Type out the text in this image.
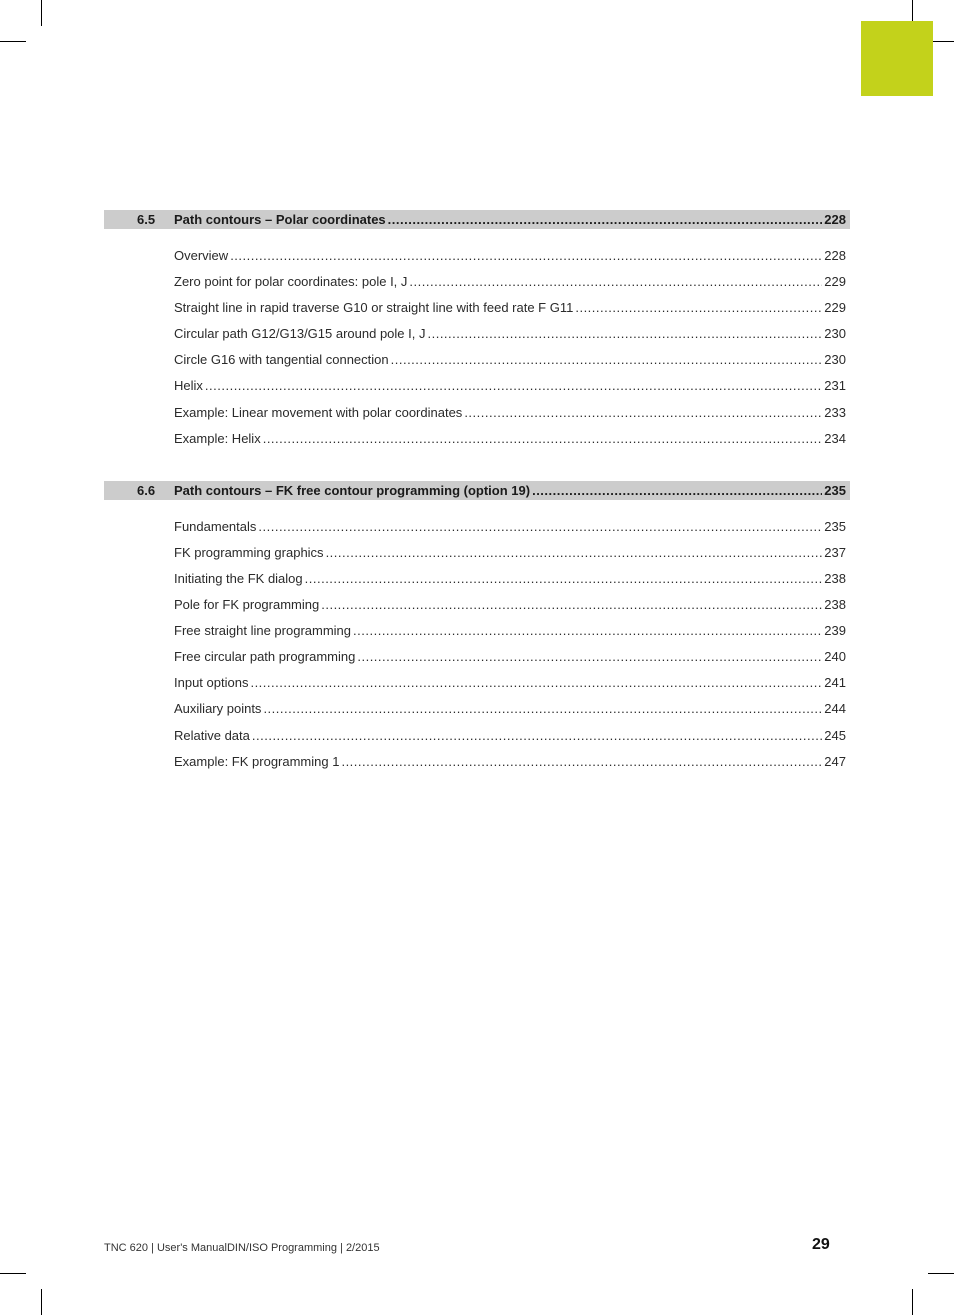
6.5	Path contours – Polar coordinates .....	228
Overview .....	228
Zero point for polar coordinates: pole I, J .....	229
Straight line in rapid traverse G10 or straight line with feed rate F G11 .....	229
Circular path G12/G13/G15 around pole I, J .....	230
Circle G16 with tangential connection .....	230
Helix .....	231
Example: Linear movement with polar coordinates .....	233
Example: Helix .....	234
6.6	Path contours – FK free contour programming (option 19) .....	235
Fundamentals .....	235
FK programming graphics .....	237
Initiating the FK dialog .....	238
Pole for FK programming .....	238
Free straight line programming .....	239
Free circular path programming .....	240
Input options .....	241
Auxiliary points .....	244
Relative data .....	245
Example: FK programming 1 .....	247
TNC 620 | User's ManualDIN/ISO Programming | 2/2015	29
